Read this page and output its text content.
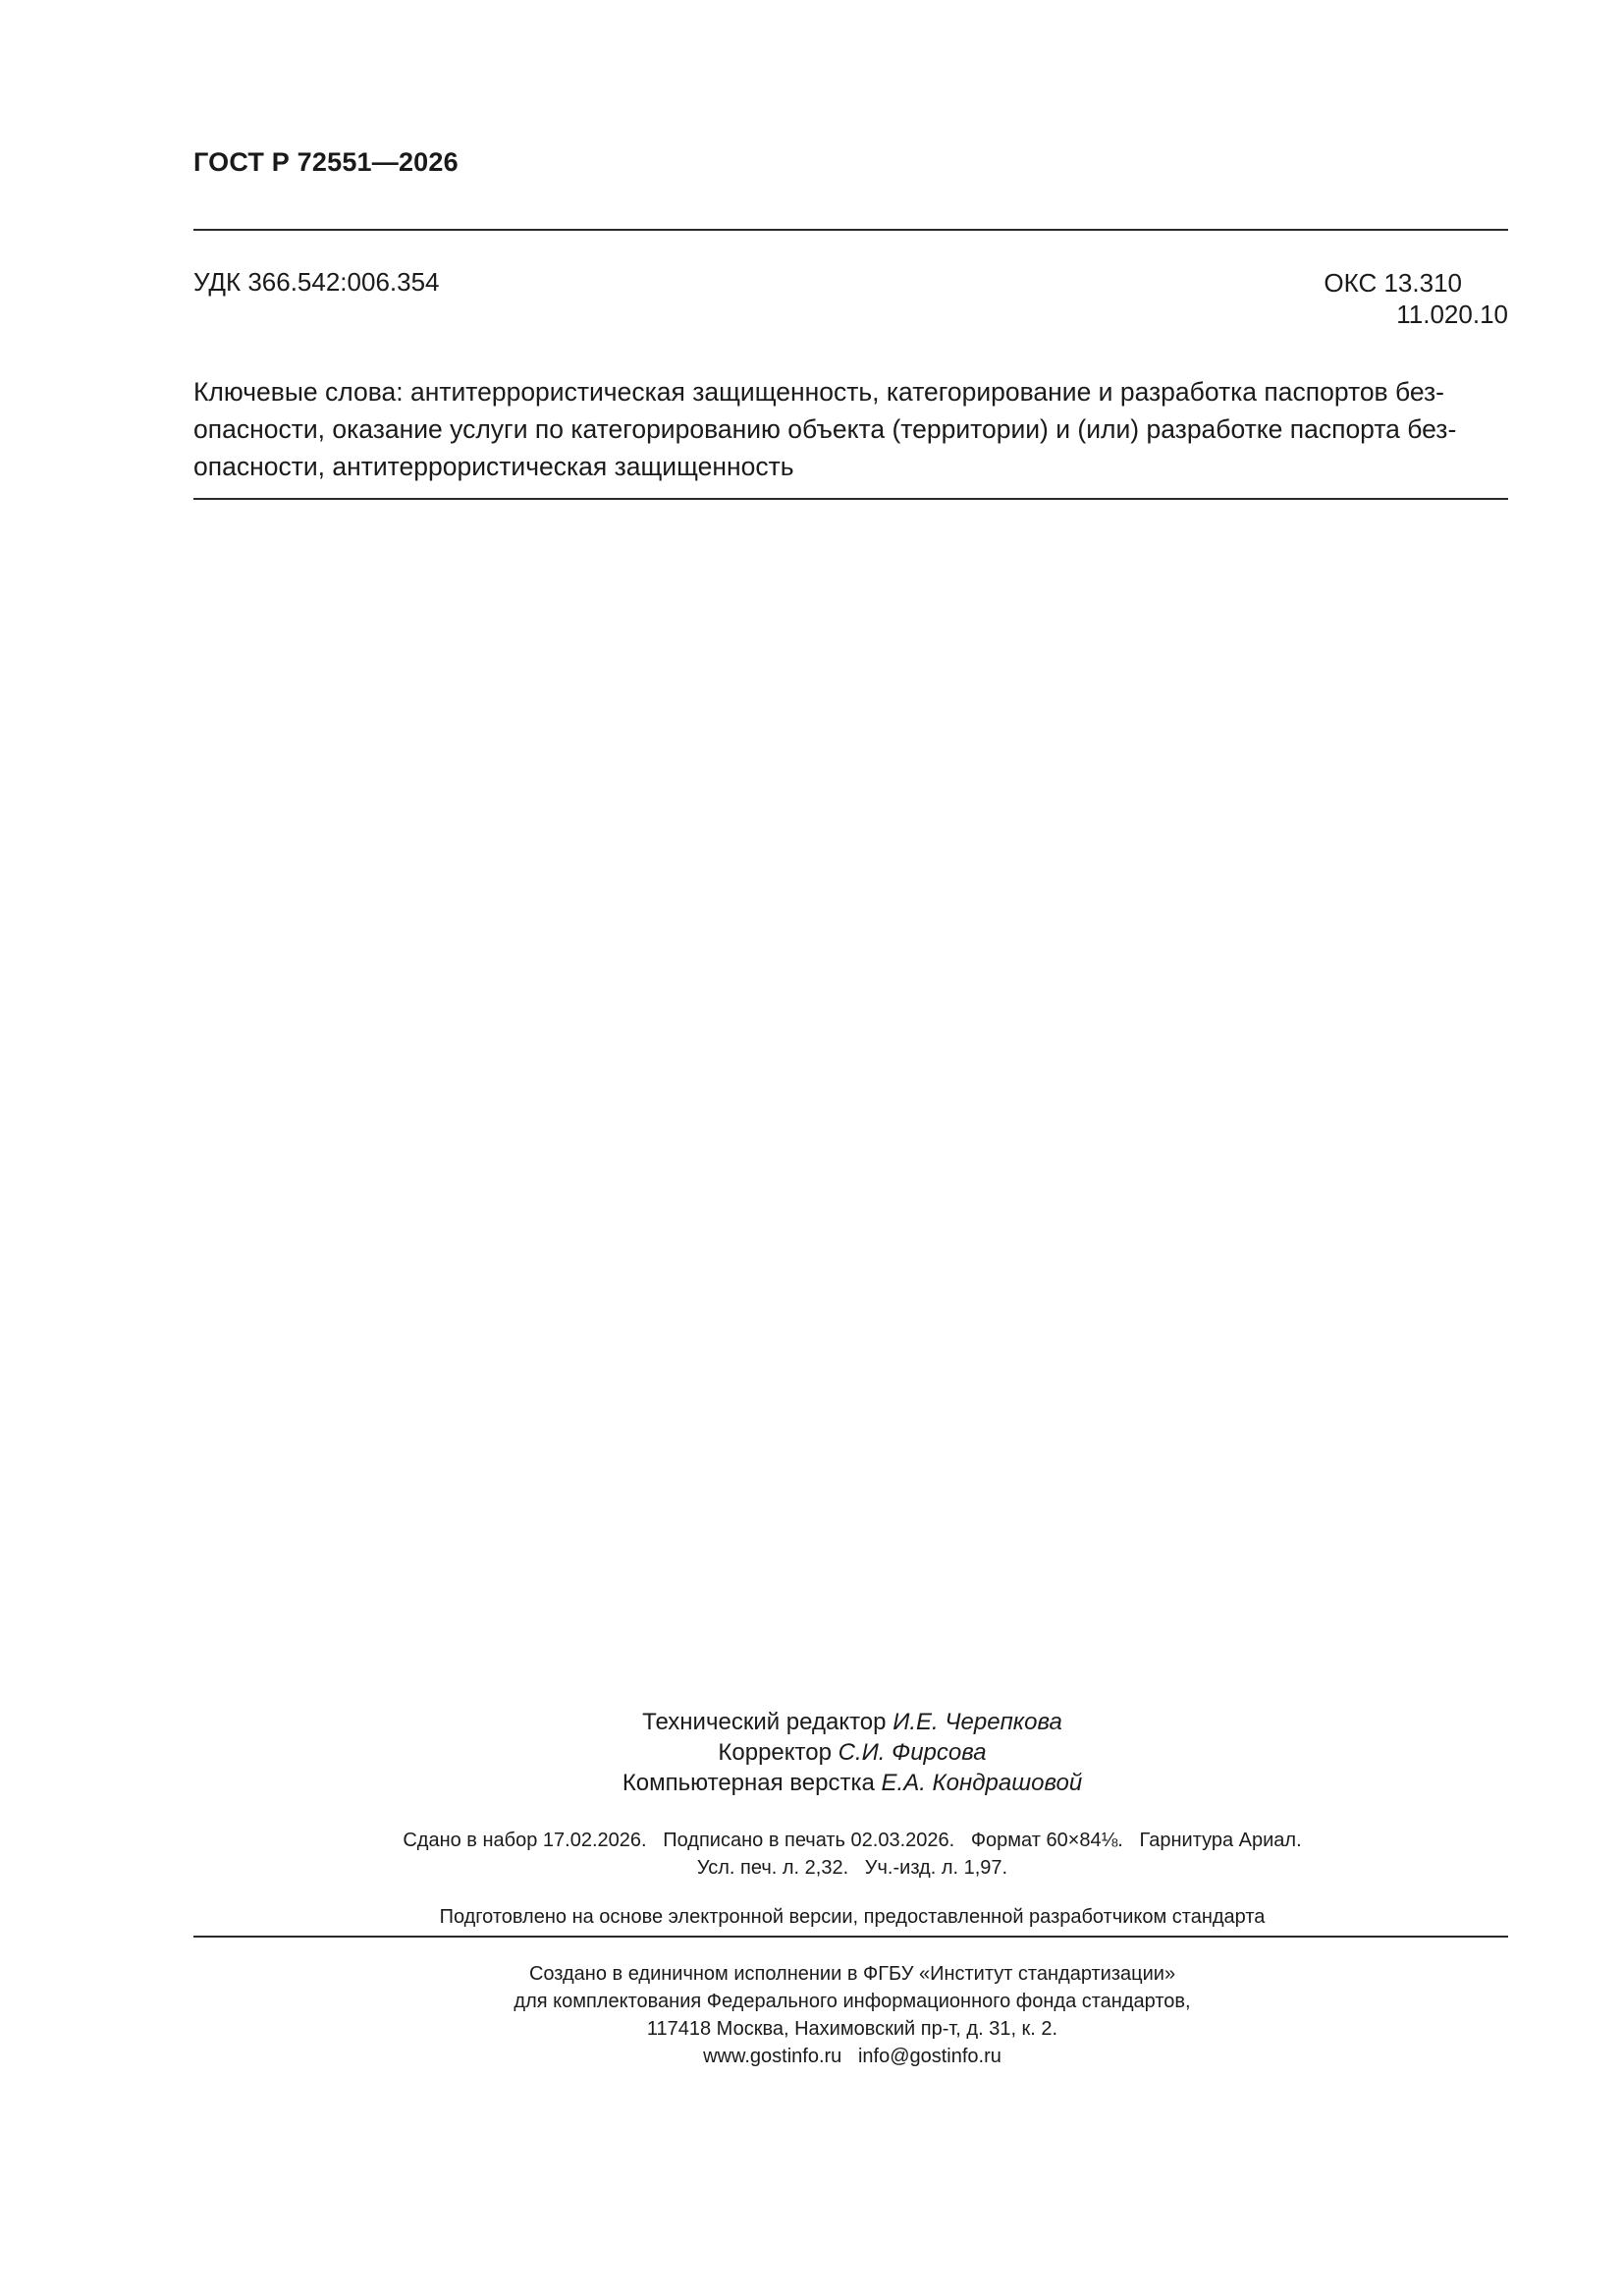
ГОСТ Р 72551—2026
УДК 366.542:006.354	ОКС 13.310
11.020.10
Ключевые слова: антитеррористическая защищенность, категорирование и разработка паспортов без-
опасности, оказание услуги по категорированию объекта (территории) и (или) разработке паспорта без-
опасности, антитеррористическая защищенность
Технический редактор И.Е. Черепкова
Корректор С.И. Фирсова
Компьютерная верстка Е.А. Кондрашовой
Сдано в набор 17.02.2026.   Подписано в печать 02.03.2026.   Формат 60×84⅛.   Гарнитура Ариал.
Усл. печ. л. 2,32.   Уч.-изд. л. 1,97.
Подготовлено на основе электронной версии, предоставленной разработчиком стандарта
Создано в единичном исполнении в ФГБУ «Институт стандартизации»
для комплектования Федерального информационного фонда стандартов,
117418 Москва, Нахимовский пр-т, д. 31, к. 2.
www.gostinfo.ru info@gostinfo.ru
